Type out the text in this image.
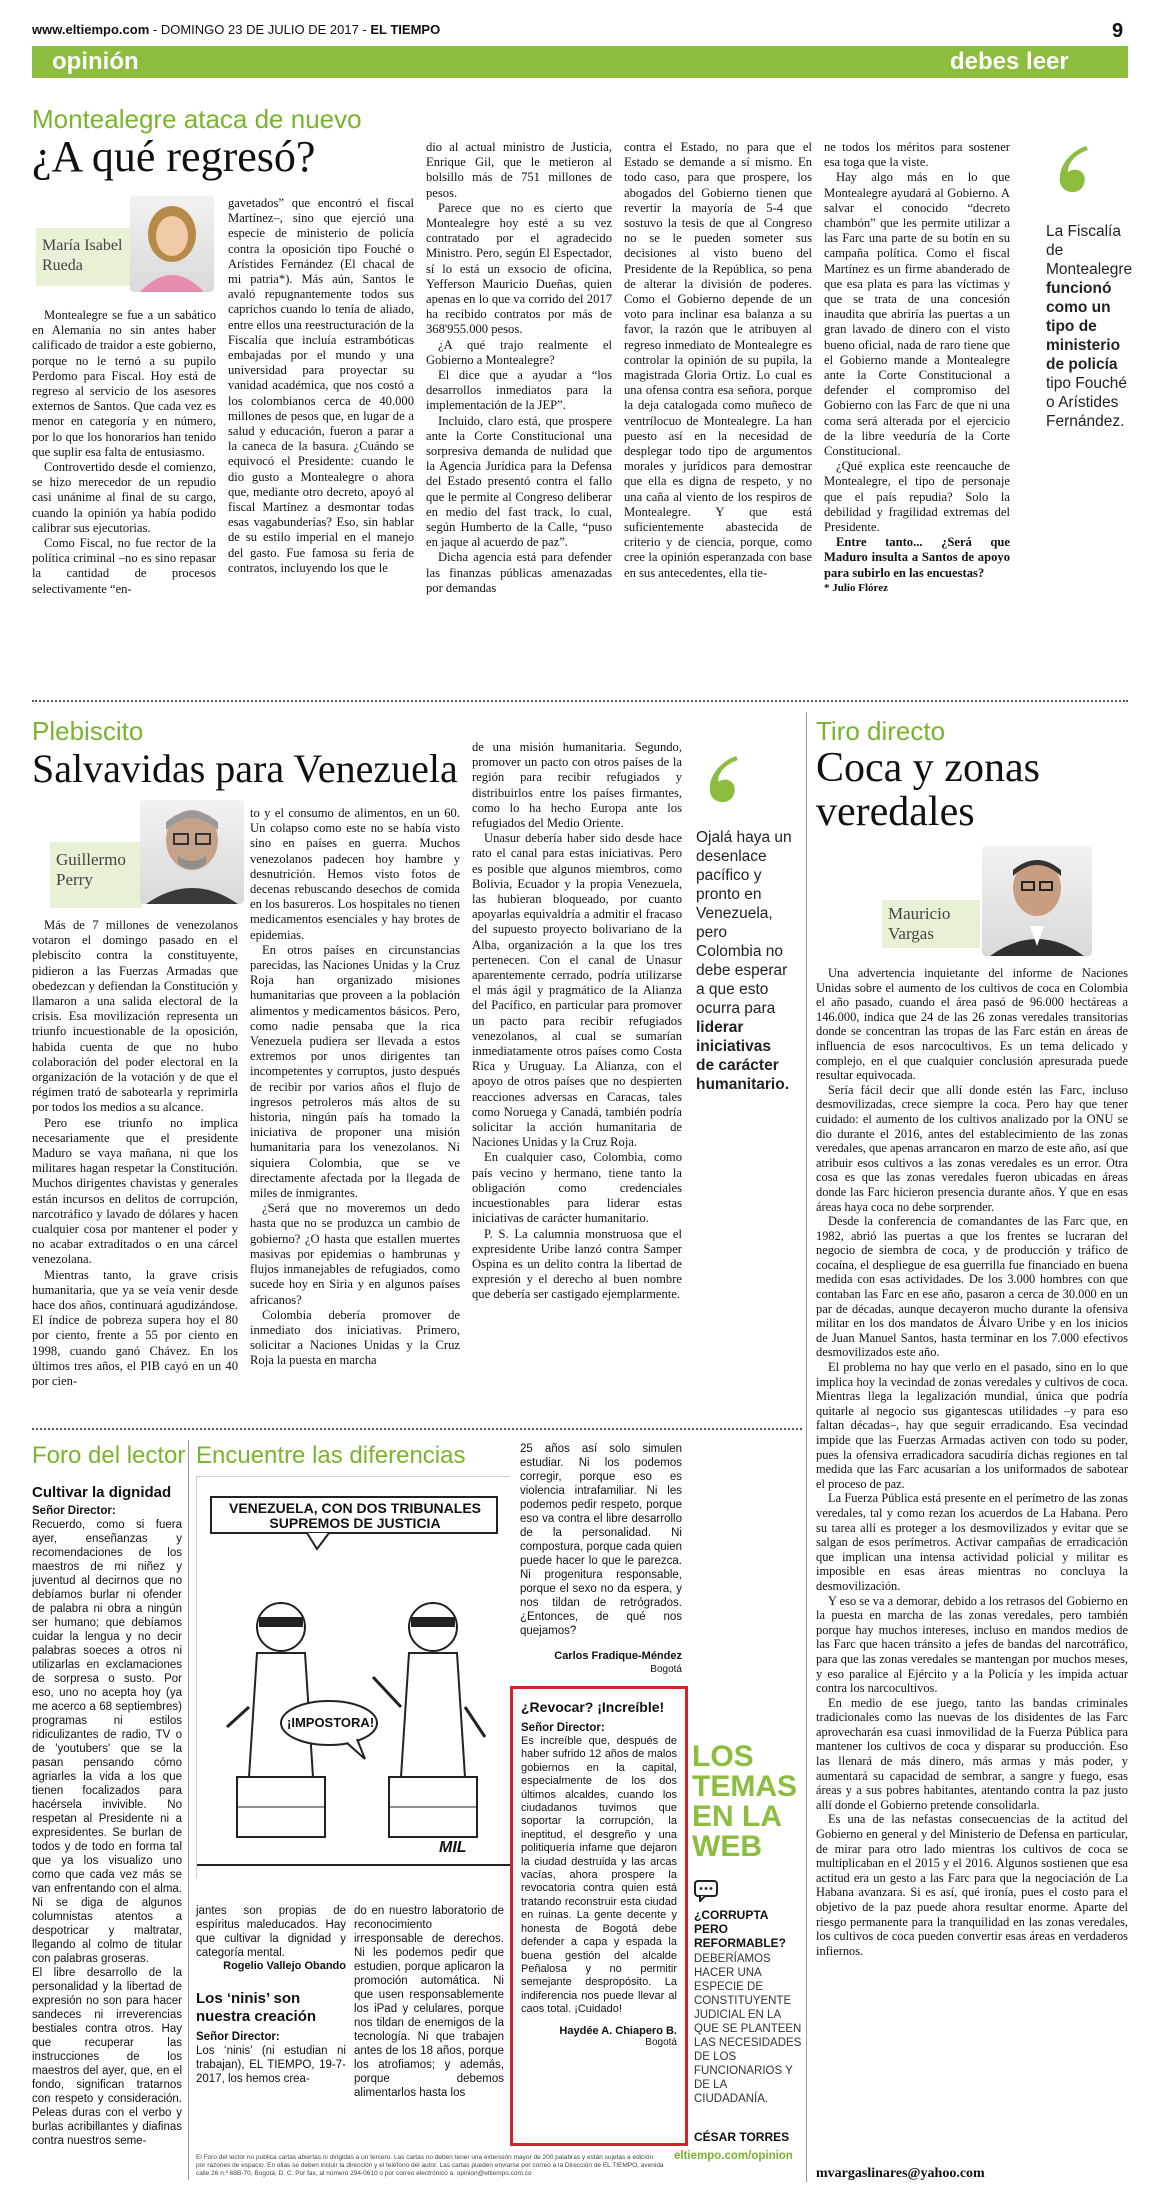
www.eltiempo.com - DOMINGO 23 DE JULIO DE 2017 - EL TIEMPO	9
opinión	debes leer
Montealegre ataca de nuevo
¿A qué regresó?
María Isabel Rueda

Montealegre se fue a un sabático en Alemania no sin antes haber calificado de traidor a este gobierno, porque no le ternó a su pupilo Perdomo para Fiscal. Hoy está de regreso al servicio de los asesores externos de Santos. Que cada vez es menor en categoría y en número, por lo que los honorarios han tenido que suplir esa falta de entusiasmo.

Controvertido desde el comienzo, se hizo merecedor de un repudio casi unánime al final de su cargo, cuando la opinión ya había podido calibrar sus ejecutorias.

Como Fiscal, no fue rector de la política criminal –no es sino repasar la cantidad de procesos selectivamente “en-

gavetados” que encontró el fiscal Martínez–, sino que ejerció una especie de ministerio de policía contra la oposición tipo Fouché o Arístides Fernández (El chacal de mi patria*). Más aún, Santos le avaló repugnantemente todos sus caprichos cuando lo tenía de aliado, entre ellos una reestructuración de la Fiscalía que incluía estrambóticas embajadas por el mundo y una universidad para proyectar su vanidad académica, que nos costó a los colombianos cerca de 40.000 millones de pesos que, en lugar de a salud y educación, fueron a parar a la caneca de la basura. ¿Cuándo se equivocó el Presidente: cuando le dio gusto a Montealegre o ahora que, mediante otro decreto, apoyó al fiscal Martínez a desmontar todas esas vagabunderías? Eso, sin hablar de su estilo imperial en el manejo del gasto. Fue famosa su feria de contratos, incluyendo los que le

dio al actual ministro de Justicia, Enrique Gil, que le metieron al bolsillo más de 751 millones de pesos.

Parece que no es cierto que Montealegre hoy esté a su vez contratado por el agradecido Ministro. Pero, según El Espectador, sí lo está un exsocio de oficina, Yefferson Mauricio Dueñas, quien apenas en lo que va corrido del 2017 ha recibido contratos por más de 368'955.000 pesos.

¿A qué trajo realmente el Gobierno a Montealegre?

El dice que a ayudar a “los desarrollos inmediatos para la implementación de la JEP”.

Incluido, claro está, que prospere ante la Corte Constitucional una sorpresiva demanda de nulidad que la Agencia Jurídica para la Defensa del Estado presentó contra el fallo que le permite al Congreso deliberar en medio del fast track, lo cual, según Humberto de la Calle, “puso en jaque al acuerdo de paz”.

Dicha agencia está para defender las finanzas públicas amenazadas por demandas

contra el Estado, no para que el Estado se demande a sí mismo. En todo caso, para que prospere, los abogados del Gobierno tienen que revertir la mayoría de 5-4 que sostuvo la tesis de que al Congreso no se le pueden someter sus decisiones al visto bueno del Presidente de la República, so pena de alterar la división de poderes. Como el Gobierno depende de un voto para inclinar esa balanza a su favor, la razón que le atribuyen al regreso inmediato de Montealegre es controlar la opinión de su pupila, la magistrada Gloria Ortiz. Lo cual es una ofensa contra esa señora, porque la deja catalogada como muñeco de ventrílocuo de Montealegre. La han puesto así en la necesidad de desplegar todo tipo de argumentos morales y jurídicos para demostrar que ella es digna de respeto, y no una caña al viento de los respiros de Montealegre. Y que está suficientemente abastecida de criterio y de ciencia, porque, como cree la opinión esperanzada con base en sus antecedentes, ella tie-

ne todos los méritos para sostener esa toga que la viste.

Hay algo más en lo que Montealegre ayudará al Gobierno. A salvar el conocido “decreto chambón” que les permite utilizar a las Farc una parte de su botín en su campaña política. Como el fiscal Martínez es un firme abanderado de que esa plata es para las víctimas y que se trata de una concesión inaudita que abriría las puertas a un gran lavado de dinero con el visto bueno oficial, nada de raro tiene que el Gobierno mande a Montealegre ante la Corte Constitucional a defender el compromiso del Gobierno con las Farc de que ni una coma será alterada por el ejercicio de la libre veeduría de la Corte Constitucional.

¿Qué explica este reencauche de Montealegre, el tipo de personaje que el país repudia? Solo la debilidad y fragilidad extremas del Presidente.

Entre tanto... ¿Será que Maduro insulta a Santos de apoyo para subirlo en las encuestas?

* Julio Flórez

La Fiscalía de Montealegre funcionó como un tipo de ministerio de policía tipo Fouché o Arístides Fernández.
Plebiscito
Salvavidas para Venezuela
Guillermo Perry

Más de 7 millones de venezolanos votaron el domingo pasado en el plebiscito contra la constituyente, pidieron a las Fuerzas Armadas que obedezcan y defiendan la Constitución y llamaron a una salida electoral de la crisis. Esa movilización representa un triunfo incuestionable de la oposición, habida cuenta de que no hubo colaboración del poder electoral en la organización de la votación y de que el régimen trató de sabotearla y reprimirla por todos los medios a su alcance.

Pero ese triunfo no implica necesariamente que el presidente Maduro se vaya mañana, ni que los militares hagan respetar la Constitución. Muchos dirigentes chavistas y generales están incursos en delitos de corrupción, narcotráfico y lavado de dólares y hacen cualquier cosa por mantener el poder y no acabar extraditados o en una cárcel venezolana.

Mientras tanto, la grave crisis humanitaria, que ya se veía venir desde hace dos años, continuará agudizándose. El índice de pobreza supera hoy el 80 por ciento, frente a 55 por ciento en 1998, cuando ganó Chávez. En los últimos tres años, el PIB cayó en un 40 por cien-

to y el consumo de alimentos, en un 60. Un colapso como este no se había visto sino en países en guerra. Muchos venezolanos padecen hoy hambre y desnutrición. Hemos visto fotos de decenas rebuscando desechos de comida en los basureros. Los hospitales no tienen medicamentos esenciales y hay brotes de epidemias.

En otros países en circunstancias parecidas, las Naciones Unidas y la Cruz Roja han organizado misiones humanitarias que proveen a la población alimentos y medicamentos básicos. Pero, como nadie pensaba que la rica Venezuela pudiera ser llevada a estos extremos por unos dirigentes tan incompetentes y corruptos, justo después de recibir por varios años el flujo de ingresos petroleros más altos de su historia, ningún país ha tomado la iniciativa de proponer una misión humanitaria para los venezolanos. Ni siquiera Colombia, que se ve directamente afectada por la llegada de miles de inmigrantes.

¿Será que no moveremos un dedo hasta que no se produzca un cambio de gobierno? ¿O hasta que estallen muertes masivas por epidemias o hambrunas y flujos inmanejables de refugiados, como sucede hoy en Siria y en algunos países africanos?

Colombia debería promover de inmediato dos iniciativas. Primero, solicitar a Naciones Unidas y la Cruz Roja la puesta en marcha

de una misión humanitaria. Segundo, promover un pacto con otros países de la región para recibir refugiados y distribuirlos entre los países firmantes, como lo ha hecho Europa ante los refugiados del Medio Oriente.

Unasur debería haber sido desde hace rato el canal para estas iniciativas. Pero es posible que algunos miembros, como Bolivia, Ecuador y la propia Venezuela, las hubieran bloqueado, por cuanto apoyarlas equivaldría a admitir el fracaso del supuesto proyecto bolivariano de la Alba, organización a la que los tres pertenecen. Con el canal de Unasur aparentemente cerrado, podría utilizarse el más ágil y pragmático de la Alianza del Pacífico, en particular para promover un pacto para recibir refugiados venezolanos, al cual se sumarían inmediatamente otros países como Costa Rica y Uruguay. La Alianza, con el apoyo de otros países que no despierten reacciones adversas en Caracas, tales como Noruega y Canadá, también podría solicitar la acción humanitaria de Naciones Unidas y la Cruz Roja.

En cualquier caso, Colombia, como país vecino y hermano, tiene tanto la obligación como credenciales incuestionables para liderar estas iniciativas de carácter humanitario.

P. S. La calumnia monstruosa que el expresidente Uribe lanzó contra Samper Ospina es un delito contra la libertad de expresión y el derecho al buen nombre que debería ser castigado ejemplarmente.

Ojalá haya un desenlace pacífico y pronto en Venezuela, pero Colombia no debe esperar a que esto ocurra para liderar iniciativas de carácter humanitario.
Tiro directo
Coca y zonas veredales
Mauricio Vargas

Una advertencia inquietante del informe de Naciones Unidas sobre el aumento de los cultivos de coca en Colombia el año pasado, cuando el área pasó de 96.000 hectáreas a 146.000, indica que 24 de las 26 zonas veredales transitorias donde se concentran las tropas de las Farc están en áreas de influencia de esos narcocultivos. Es un tema delicado y complejo, en el que cualquier conclusión apresurada puede resultar equivocada.

Sería fácil decir que allí donde estén las Farc, incluso desmovilizadas, crece siempre la coca. Pero hay que tener cuidado: el aumento de los cultivos analizado por la ONU se dio durante el 2016, antes del establecimiento de las zonas veredales, que apenas arrancaron en marzo de este año, así que atribuir esos cultivos a las zonas veredales es un error. Otra cosa es que las zonas veredales fueron ubicadas en áreas donde las Farc hicieron presencia durante años. Y que en esas áreas haya coca no debe sorprender.

Desde la conferencia de comandantes de las Farc que, en 1982, abrió las puertas a que los frentes se lucraran del negocio de siembra de coca, y de producción y tráfico de cocaína, el despliegue de esa guerrilla fue financiado en buena medida con esas actividades. De los 3.000 hombres con que contaban las Farc en ese año, pasaron a cerca de 30.000 en un par de décadas, aunque decayeron mucho durante la ofensiva militar en los dos mandatos de Álvaro Uribe y en los inicios de Juan Manuel Santos, hasta terminar en los 7.000 efectivos desmovilizados este año.

El problema no hay que verlo en el pasado, sino en lo que implica hoy la vecindad de zonas veredales y cultivos de coca. Mientras llega la legalización mundial, única que podría quitarle al negocio sus gigantescas utilidades –y para eso faltan décadas–, hay que seguir erradicando. Esa vecindad impide que las Fuerzas Armadas activen con todo su poder, pues la ofensiva erradicadora sacudiría dichas regiones en tal medida que las Farc acusarían a los uniformados de sabotear el proceso de paz.

La Fuerza Pública está presente en el perímetro de las zonas veredales, tal y como rezan los acuerdos de La Habana. Pero su tarea allí es proteger a los desmovilizados y evitar que se salgan de esos perímetros. Activar campañas de erradicación que implican una intensa actividad policial y militar es imposible en esas áreas mientras no concluya la desmovilización.

Y eso se va a demorar, debido a los retrasos del Gobierno en la puesta en marcha de las zonas veredales, pero también porque hay muchos intereses, incluso en mandos medios de las Farc que hacen tránsito a jefes de bandas del narcotráfico, para que las zonas veredales se mantengan por muchos meses, y eso paralice al Ejército y a la Policía y les impida actuar contra los narcocultivos.

En medio de ese juego, tanto las bandas criminales tradicionales como las nuevas de los disidentes de las Farc aprovecharán esa cuasi inmovilidad de la Fuerza Pública para mantener los cultivos de coca y disparar su producción. Eso las llenará de más dinero, más armas y más poder, y aumentará su capacidad de sembrar, a sangre y fuego, esas áreas y a sus pobres habitantes, atentando contra la paz justo allí donde el Gobierno pretende consolidarla.

Es una de las nefastas consecuencias de la actitud del Gobierno en general y del Ministerio de Defensa en particular, de mirar para otro lado mientras los cultivos de coca se multiplicaban en el 2015 y el 2016. Algunos sostienen que esa actitud era un gesto a las Farc para que la negociación de La Habana avanzara. Si es así, qué ironía, pues el costo para el objetivo de la paz puede ahora resultar enorme. Aparte del riesgo permanente para la tranquilidad en las zonas veredales, los cultivos de coca pueden convertir esas áreas en verdaderos infiernos.

mvargaslinares@yahoo.com
Foro del lector
Cultivar la dignidad
Señor Director:
Recuerdo, como si fuera ayer, enseñanzas y recomendaciones de los maestros de mi niñez y juventud al decirnos que no debíamos burlar ni ofender de palabra ni obra a ningún ser humano; que debíamos cuidar la lengua y no decir palabras soeces a otros ni utilizarlas en exclamaciones de sorpresa o susto. Por eso, uno no acepta hoy (ya me acerco a 68 septiembres) programas ni estilos ridiculizantes de radio, TV o de 'youtubers' que se la pasan pensando cómo agriarles la vida a los que tienen focalizados para hacérsela invivible. No respetan al Presidente ni a expresidentes. Se burlan de todos y de todo en forma tal que ya los visualizo uno como que cada vez más se van enfrentando con el alma. Ni se diga de algunos columnistas atentos a despotricar y maltratar, llegando al colmo de titular con palabras groseras.
El libre desarrollo de la personalidad y la libertad de expresión no son para hacer sandeces ni irreverencias bestiales contra otros. Hay que recuperar las instrucciones de los maestros del ayer, que, en el fondo, significan tratarnos con respeto y consideración. Peleas duras con el verbo y burlas acribillantes y diafinas contra nuestros seme-
Encuentre las diferencias
VENEZUELA, CON DOS TRIBUNALES SUPREMOS DE JUSTICIA
¡IMPOSTORA!
MIL
jantes son propias de espíritus maleducados. Hay que cultivar la dignidad y categoría mental.
Rogelio Vallejo Obando
Los ‘ninis’ son nuestra creación
Señor Director:
Los ‘ninis’ (ni estudian ni trabajan), EL TIEMPO, 19-7-2017, los hemos crea-
do en nuestro laboratorio de reconocimiento irresponsable de derechos. Ni les podemos pedir que estudien, porque aplicaron la promoción automática. Ni que usen responsablemente los iPad y celulares, porque nos tildan de enemigos de la tecnología. Ni que trabajen antes de los 18 años, porque los atrofiamos; y además, porque debemos alimentarlos hasta los
25 años así solo simulen estudiar. Ni los podemos corregir, porque eso es violencia intrafamiliar. Ni les podemos pedir respeto, porque eso va contra el libre desarrollo de la personalidad. Ni compostura, porque cada quien puede hacer lo que le parezca. Ni progenitura responsable, porque el sexo no da espera, y nos tildan de retrógrados. ¿Entonces, de qué nos quejamos?
Carlos Fradique-Méndez
Bogotá
¿Revocar? ¡Increíble!
Señor Director:
Es increíble que, después de haber sufrido 12 años de malos gobiernos en la capital, especialmente de los dos últimos alcaldes, cuando los ciudadanos tuvimos que soportar la corrupción, la ineptitud, el desgreño y una politiquería infame que dejaron la ciudad destruida y las arcas vacías, ahora prospere la revocatoria contra quien está tratando reconstruir esta ciudad en ruinas. La gente decente y honesta de Bogotá debe defender a capa y espada la buena gestión del alcalde Peñalosa y no permitir semejante despropósito. La indiferencia nos puede llevar al caos total. ¡Cuidado!
Haydée A. Chiapero B.
Bogotá
LOS
TEMAS
EN LA
WEB
¿CORRUPTA PERO REFORMABLE?
DEBERÍAMOS HACER UNA ESPECIE DE CONSTITUYENTE JUDICIAL EN LA QUE SE PLANTEEN LAS NECESIDADES DE LOS FUNCIONARIOS Y DE LA CIUDADANÍA.
CÉSAR TORRES
eltiempo.com/opinion
El Foro del lector no publica cartas abiertas ni dirigidas a un tercero. Las cartas no deben tener una extensión mayor de 200 palabras y están sujetas a edición por razones de espacio. En ellas se deben incluir la dirección y el teléfono del autor. Las cartas pueden enviarse por correo a la Dirección de EL TIEMPO, avenida calle 26 n.º 68B-70, Bogotá, D. C. Por fax, al número 294-0610 o por correo electrónico a: opinion@eltiempo.com.co
